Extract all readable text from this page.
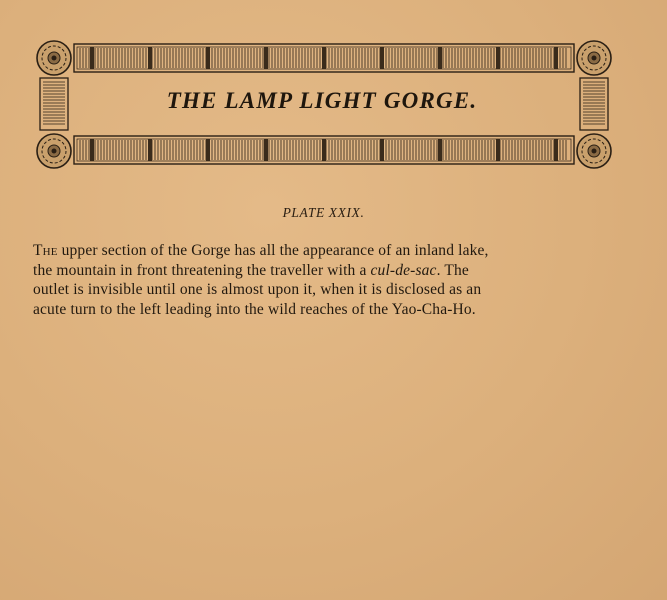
THE LAMP LIGHT GORGE.
PLATE XXIX.
The upper section of the Gorge has all the appearance of an inland lake,
the mountain in front threatening the traveller with a cul-de-sac. The
outlet is invisible until one is almost upon it, when it is disclosed as an
acute turn to the left leading into the wild reaches of the Yao-Cha-Ho.
